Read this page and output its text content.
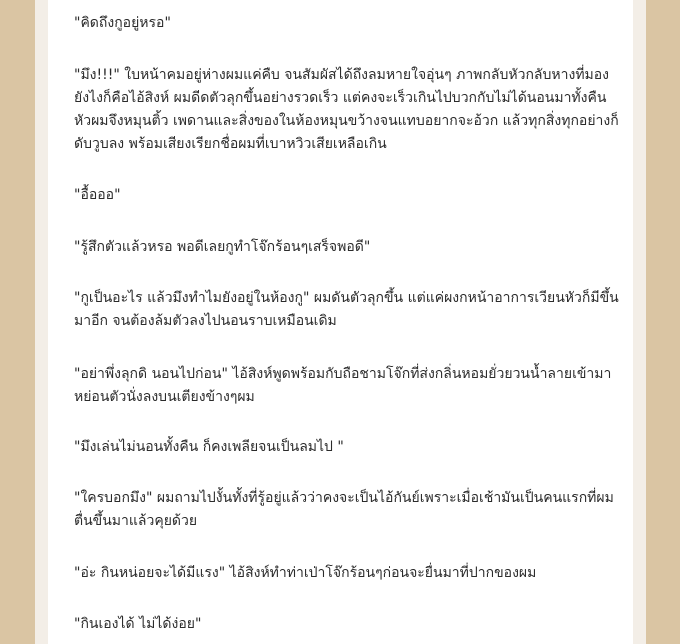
"คิดถึงกูอยู่หรอ"

"มึง!!!" ใบหน้าคมอยู่ห่างผมแค่คืบ จนสัมผัสได้ถึงลมหายใจอุ่นๆ ภาพกลับหัวกลับหางที่มองยังไงก็คือไอ้สิงห์ ผมดีดตัวลุกขึ้นอย่างรวดเร็ว แต่คงจะเร็วเกินไปบวกกับไม่ได้นอนมาทั้งคืน หัวผมจึงหมุนติ้ว เพดานและสิ่งของในห้องหมุนขว้างจนแทบอยากจะอ้วก แล้วทุกสิ่งทุกอย่างก็ดับวูบลง พร้อมเสียงเรียกชื่อผมที่เบาหวิวเสียเหลือเกิน

"อื้อออ"

"รู้สึกตัวแล้วหรอ พอดีเลยกูทำโจ๊กร้อนๆเสร็จพอดี"

"กูเป็นอะไร แล้วมึงทำไมยังอยู่ในห้องกู" ผมดันตัวลุกขึ้น แต่แค่ผงกหน้าอาการเวียนหัวก็มีขึ้นมาอีก จนต้องล้มตัวลงไปนอนราบเหมือนเดิม

"อย่าพึ่งลุกดิ นอนไปก่อน" ไอ้สิงห์พูดพร้อมกับถือชามโจ๊กที่ส่งกลิ่นหอมยั่วยวนน้ำลายเข้ามาหย่อนตัวนั่งลงบนเตียงข้างๆผม

"มึงเล่นไม่นอนทั้งคืน ก็คงเพลียจนเป็นลมไป "

"ใครบอกมึง" ผมถามไปงั้นทั้งที่รู้อยู่แล้วว่าคงจะเป็นไอ้กันย์เพราะเมื่อเช้ามันเป็นคนแรกที่ผมตื่นขึ้นมาแล้วคุยด้วย

"อ่ะ กินหน่อยจะได้มีแรง" ไอ้สิงห์ทำท่าเป่าโจ๊กร้อนๆก่อนจะยื่นมาที่ปากของผม

"กินเองได้ ไม่ได้ง่อย"
